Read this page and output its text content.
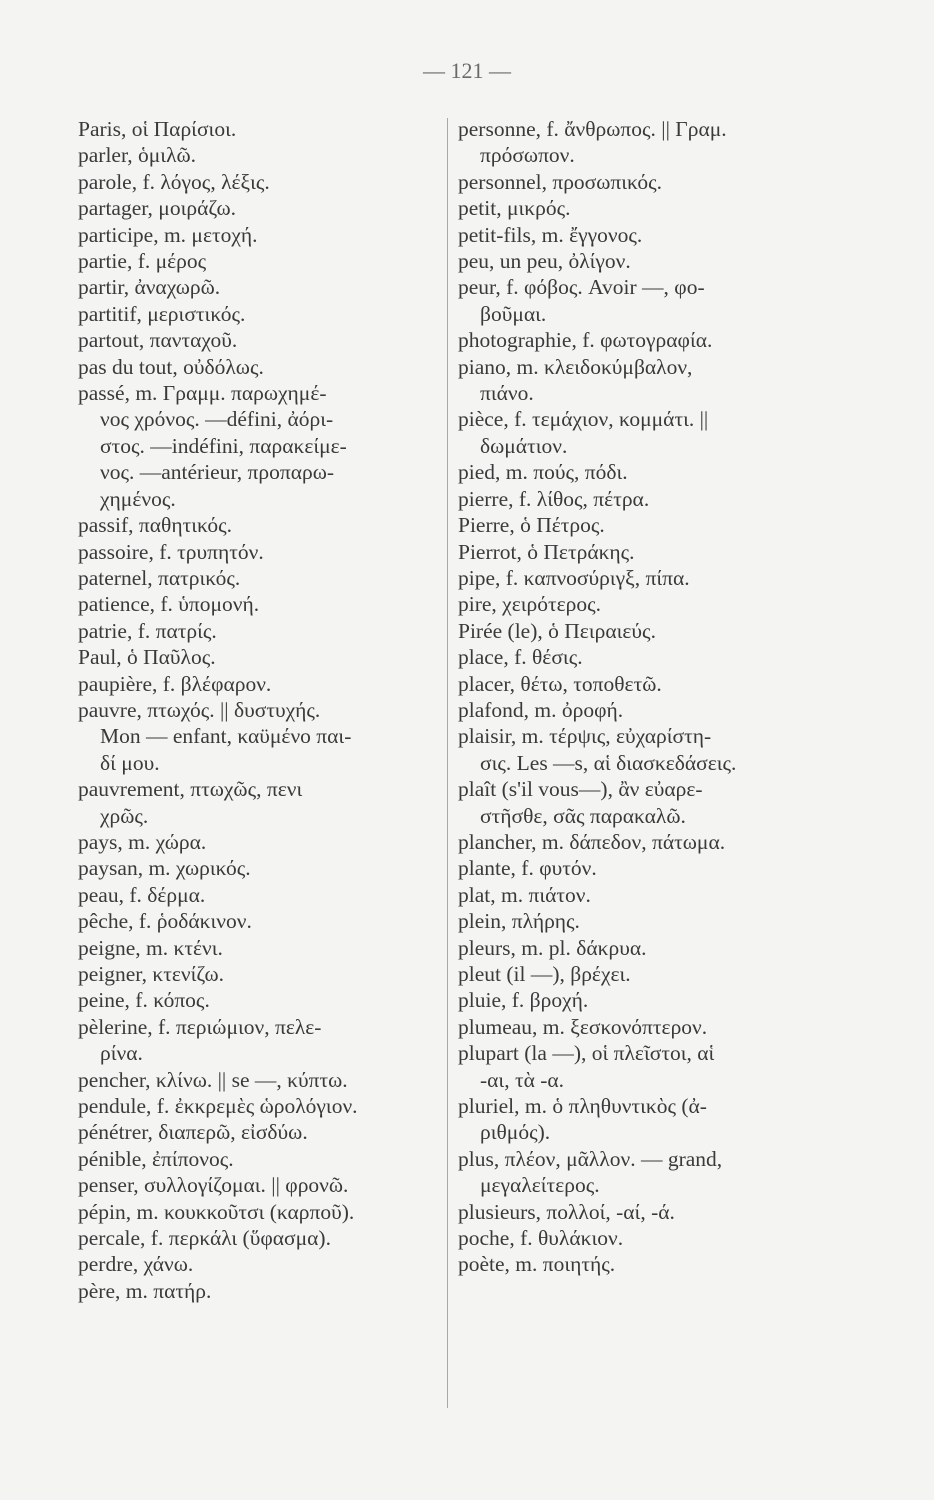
— 121 —

Paris, οἱ Παρίσιοι.

parler, ὁμιλῶ.

parole, f. λόγος, λέξις.

partager, μοιράζω.

participe, m. μετοχή.

partie, f. μέρος

partir, ἀναχωρῶ.

partitif, μεριστικός.

partout, πανταχοῦ.

pas du tout, οὐδόλως.

passé, m. Γραμμ. παρωχημέ-

νος χρόνος. —défini, ἀόρι-

στος. —indéfini, παρακείμε-

νος. —antérieur, προπαρω-

χημένος.

passif, παθητικός.

passoire, f. τρυπητόν.

paternel, πατρικός.

patience, f. ὑπομονή.

patrie, f. πατρίς.

Paul, ὁ Παῦλος.

paupière, f. βλέφαρον.

pauvre, πτωχός. || δυστυχής.

Mon — enfant, καϋμένο παι-

δί μου.

pauvrement, πτωχῶς, πενι

χρῶς.

pays, m. χώρα.

paysan, m. χωρικός.

peau, f. δέρμα.

pêche, f. ῥοδάκινον.

peigne, m. κτένι.

peigner, κτενίζω.

peine, f. κόπος.

pèlerine, f. περιώμιον, πελε-

ρίνα.

pencher, κλίνω. || se —, κύπτω.

pendule, f. ἐκκρεμὲς ὡρολόγιον.

pénétrer, διαπερῶ, εἰσδύω.

pénible, ἐπίπονος.

penser, συλλογίζομαι. || φρονῶ.

pépin, m. κουκκοῦτσι (καρποῦ).

percale, f. περκάλι (ὕφασμα).

perdre, χάνω.

père, m. πατήρ.

personne, f. ἄνθρωπος. || Γραμ.

πρόσωπον.

personnel, προσωπικός.

petit, μικρός.

petit-fils, m. ἔγγονος.

peu, un peu, ὀλίγον.

peur, f. φόβος. Avoir —, φο-

βοῦμαι.

photographie, f. φωτογραφία.

piano, m. κλειδοκύμβαλον,

πιάνο.

pièce, f. τεμάχιον, κομμάτι. ||

δωμάτιον.

pied, m. πούς, πόδι.

pierre, f. λίθος, πέτρα.

Pierre, ὁ Πέτρος.

Pierrot, ὁ Πετράκης.

pipe, f. καπνοσύριγξ, πίπα.

pire, χειρότερος.

Pirée (le), ὁ Πειραιεύς.

place, f. θέσις.

placer, θέτω, τοποθετῶ.

plafond, m. ὀροφή.

plaisir, m. τέρψις, εὐχαρίστη-

σις. Les —s, αἱ διασκεδάσεις.

plaît (s'il vous—), ἂν εὐαρε-

στῆσθε, σᾶς παρακαλῶ.

plancher, m. δάπεδον, πάτωμα.

plante, f. φυτόν.

plat, m. πιάτον.

plein, πλήρης.

pleurs, m. pl. δάκρυα.

pleut (il —), βρέχει.

pluie, f. βροχή.

plumeau, m. ξεσκονόπτερον.

plupart (la —), οἱ πλεῖστοι, αἱ

-αι, τὰ -α.

pluriel, m. ὁ πληθυντικὸς (ἀ-

ριθμός).

plus, πλέον, μᾶλλον. — grand,

μεγαλείτερος.

plusieurs, πολλοί, -αί, -ά.

poche, f. θυλάκιον.

poète, m. ποιητής.
